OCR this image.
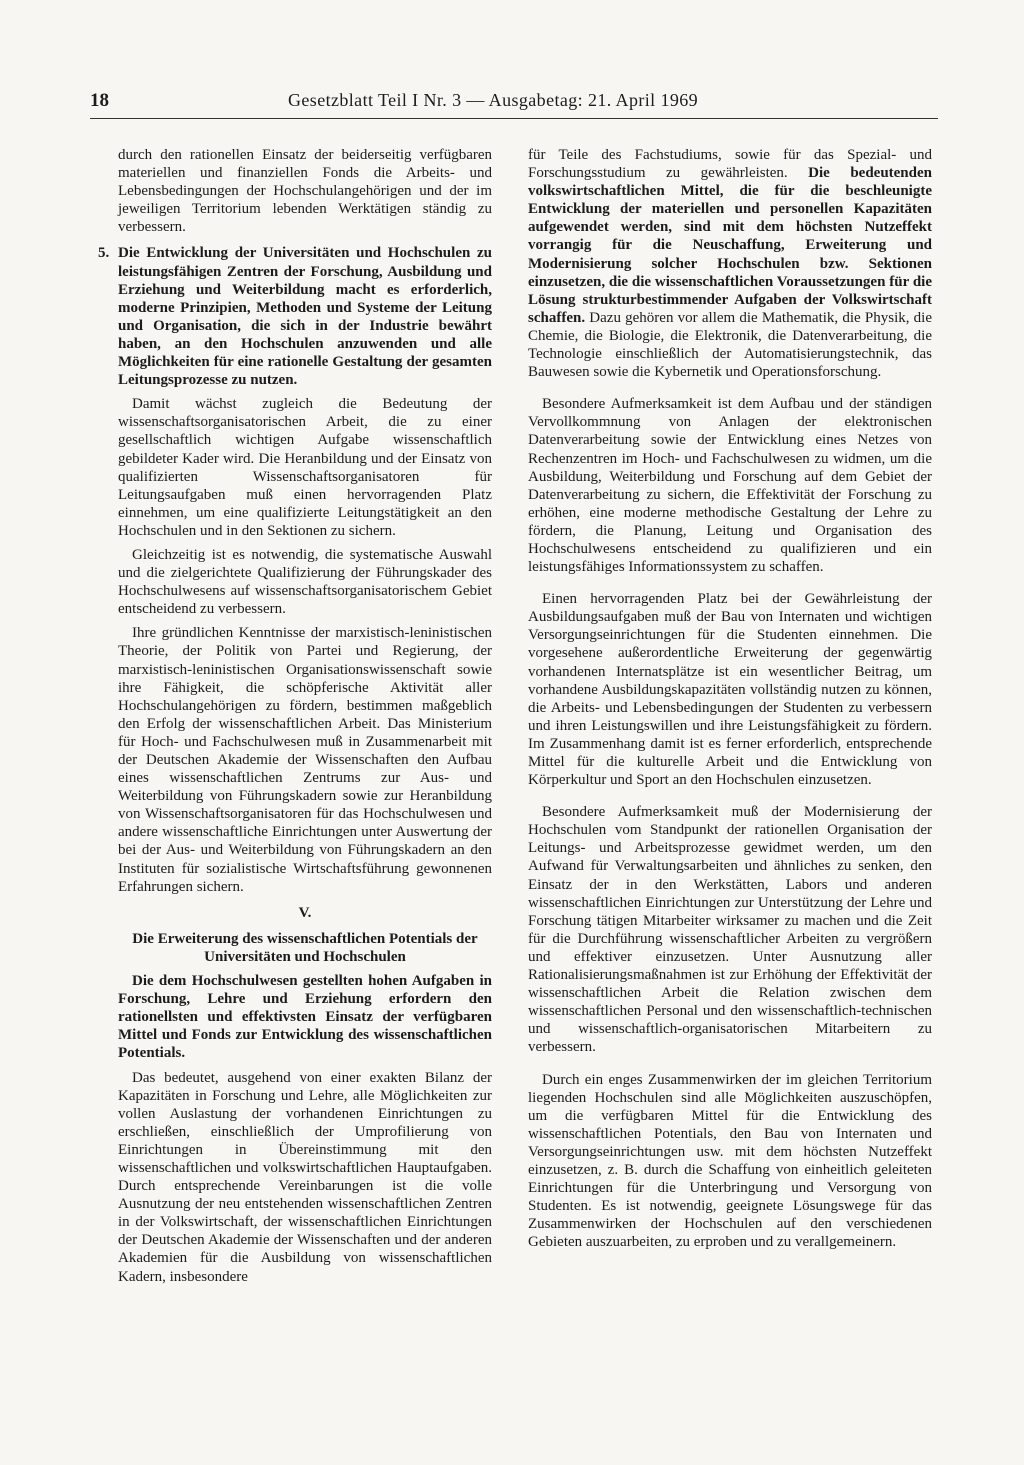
18	Gesetzblatt Teil I Nr. 3 — Ausgabetag: 21. April 1969

durch den rationellen Einsatz der beiderseitig verfügbaren materiellen und finanziellen Fonds die Arbeits- und Lebensbedingungen der Hochschulangehörigen und der im jeweiligen Territorium lebenden Werktätigen ständig zu verbessern.

5. Die Entwicklung der Universitäten und Hochschulen zu leistungsfähigen Zentren der Forschung, Ausbildung und Erziehung und Weiterbildung macht es erforderlich, moderne Prinzipien, Methoden und Systeme der Leitung und Organisation, die sich in der Industrie bewährt haben, an den Hochschulen anzuwenden und alle Möglichkeiten für eine rationelle Gestaltung der gesamten Leitungsprozesse zu nutzen.

Damit wächst zugleich die Bedeutung der wissenschaftsorganisatorischen Arbeit, die zu einer gesellschaftlich wichtigen Aufgabe wissenschaftlich gebildeter Kader wird. Die Heranbildung und der Einsatz von qualifizierten Wissenschaftsorganisatoren für Leitungsaufgaben muß einen hervorragenden Platz einnehmen, um eine qualifizierte Leitungstätigkeit an den Hochschulen und in den Sektionen zu sichern.

Gleichzeitig ist es notwendig, die systematische Auswahl und die zielgerichtete Qualifizierung der Führungskader des Hochschulwesens auf wissenschaftsorganisatorischem Gebiet entscheidend zu verbessern.

Ihre gründlichen Kenntnisse der marxistisch-leninistischen Theorie, der Politik von Partei und Regierung, der marxistisch-leninistischen Organisationswissenschaft sowie ihre Fähigkeit, die schöpferische Aktivität aller Hochschulangehörigen zu fördern, bestimmen maßgeblich den Erfolg der wissenschaftlichen Arbeit. Das Ministerium für Hoch- und Fachschulwesen muß in Zusammenarbeit mit der Deutschen Akademie der Wissenschaften den Aufbau eines wissenschaftlichen Zentrums zur Aus- und Weiterbildung von Führungskadern sowie zur Heranbildung von Wissenschaftsorganisatoren für das Hochschulwesen und andere wissenschaftliche Einrichtungen unter Auswertung der bei der Aus- und Weiterbildung von Führungskadern an den Instituten für sozialistische Wirtschaftsführung gewonnenen Erfahrungen sichern.

V.
Die Erweiterung des wissenschaftlichen Potentials der Universitäten und Hochschulen

Die dem Hochschulwesen gestellten hohen Aufgaben in Forschung, Lehre und Erziehung erfordern den rationellsten und effektivsten Einsatz der verfügbaren Mittel und Fonds zur Entwicklung des wissenschaftlichen Potentials.

Das bedeutet, ausgehend von einer exakten Bilanz der Kapazitäten in Forschung und Lehre, alle Möglichkeiten zur vollen Auslastung der vorhandenen Einrichtungen zu erschließen, einschließlich der Umprofilierung von Einrichtungen in Übereinstimmung mit den wissenschaftlichen und volkswirtschaftlichen Hauptaufgaben. Durch entsprechende Vereinbarungen ist die volle Ausnutzung der neu entstehenden wissenschaftlichen Zentren in der Volkswirtschaft, der wissenschaftlichen Einrichtungen der Deutschen Akademie der Wissenschaften und der anderen Akademien für die Ausbildung von wissenschaftlichen Kadern, insbesondere

für Teile des Fachstudiums, sowie für das Spezial- und Forschungsstudium zu gewährleisten. Die bedeutenden volkswirtschaftlichen Mittel, die für die beschleunigte Entwicklung der materiellen und personellen Kapazitäten aufgewendet werden, sind mit dem höchsten Nutzeffekt vorrangig für die Neuschaffung, Erweiterung und Modernisierung solcher Hochschulen bzw. Sektionen einzusetzen, die die wissenschaftlichen Voraussetzungen für die Lösung strukturbestimmender Aufgaben der Volkswirtschaft schaffen. Dazu gehören vor allem die Mathematik, die Physik, die Chemie, die Biologie, die Elektronik, die Datenverarbeitung, die Technologie einschließlich der Automatisierungstechnik, das Bauwesen sowie die Kybernetik und Operationsforschung.

Besondere Aufmerksamkeit ist dem Aufbau und der ständigen Vervollkommnung von Anlagen der elektronischen Datenverarbeitung sowie der Entwicklung eines Netzes von Rechenzentren im Hoch- und Fachschulwesen zu widmen, um die Ausbildung, Weiterbildung und Forschung auf dem Gebiet der Datenverarbeitung zu sichern, die Effektivität der Forschung zu erhöhen, eine moderne methodische Gestaltung der Lehre zu fördern, die Planung, Leitung und Organisation des Hochschulwesens entscheidend zu qualifizieren und ein leistungsfähiges Informationssystem zu schaffen.

Einen hervorragenden Platz bei der Gewährleistung der Ausbildungsaufgaben muß der Bau von Internaten und wichtigen Versorgungseinrichtungen für die Studenten einnehmen. Die vorgesehene außerordentliche Erweiterung der gegenwärtig vorhandenen Internatsplätze ist ein wesentlicher Beitrag, um vorhandene Ausbildungskapazitäten vollständig nutzen zu können, die Arbeits- und Lebensbedingungen der Studenten zu verbessern und ihren Leistungswillen und ihre Leistungsfähigkeit zu fördern. Im Zusammenhang damit ist es ferner erforderlich, entsprechende Mittel für die kulturelle Arbeit und die Entwicklung von Körperkultur und Sport an den Hochschulen einzusetzen.

Besondere Aufmerksamkeit muß der Modernisierung der Hochschulen vom Standpunkt der rationellen Organisation der Leitungs- und Arbeitsprozesse gewidmet werden, um den Aufwand für Verwaltungsarbeiten und ähnliches zu senken, den Einsatz der in den Werkstätten, Labors und anderen wissenschaftlichen Einrichtungen zur Unterstützung der Lehre und Forschung tätigen Mitarbeiter wirksamer zu machen und die Zeit für die Durchführung wissenschaftlicher Arbeiten zu vergrößern und effektiver einzusetzen. Unter Ausnutzung aller Rationalisierungsmaßnahmen ist zur Erhöhung der Effektivität der wissenschaftlichen Arbeit die Relation zwischen dem wissenschaftlichen Personal und den wissenschaftlich-technischen und wissenschaftlich-organisatorischen Mitarbeitern zu verbessern.

Durch ein enges Zusammenwirken der im gleichen Territorium liegenden Hochschulen sind alle Möglichkeiten auszuschöpfen, um die verfügbaren Mittel für die Entwicklung des wissenschaftlichen Potentials, den Bau von Internaten und Versorgungseinrichtungen usw. mit dem höchsten Nutzeffekt einzusetzen, z. B. durch die Schaffung von einheitlich geleiteten Einrichtungen für die Unterbringung und Versorgung von Studenten. Es ist notwendig, geeignete Lösungswege für das Zusammenwirken der Hochschulen auf den verschiedenen Gebieten auszuarbeiten, zu erproben und zu verallgemeinern.
